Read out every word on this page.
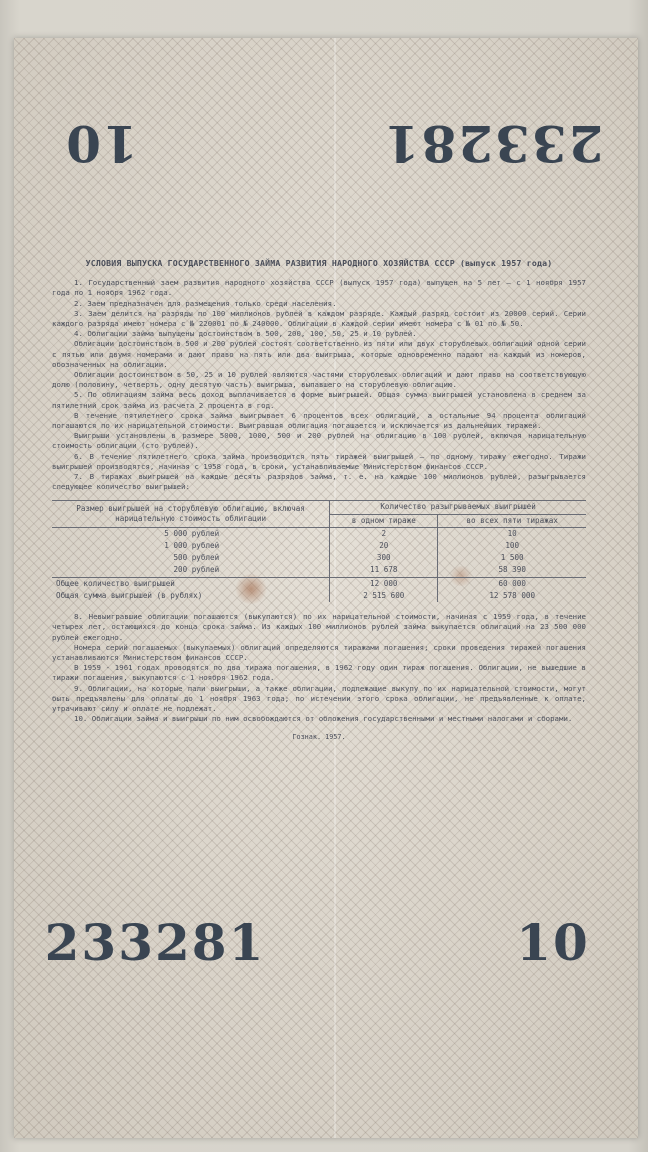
233281
10
УСЛОВИЯ ВЫПУСКА ГОСУДАРСТВЕННОГО ЗАЙМА РАЗВИТИЯ НАРОДНОГО ХОЗЯЙСТВА СССР (выпуск 1957 года)
1. Государственный заем развития народного хозяйства СССР (выпуск 1957 года) выпущен на 5 лет — с 1 ноября 1957 года по 1 ноября 1962 года.
2. Заем предназначен для размещения только среди населения.
3. Заем делится на разряды по 100 миллионов рублей в каждом разряде. Каждый разряд состоит из 20000 серий. Серии каждого разряда имеют номера с № 220001 по № 240000. Облигации в каждой серии имеют номера с № 01 по № 50.
4. Облигации займа выпущены достоинством в 500, 200, 100, 50, 25 и 10 рублей.
Облигации достоинством в 500 и 200 рублей состоят соответственно из пяти или двух сторублевых облигаций одной серии с пятью или двумя номерами и дают право на пять или два выигрыша, которые одновременно падают на каждый из номеров, обозначенных на облигации.
Облигации достоинством в 50, 25 и 10 рублей являются частями сторублевых облигаций и дают право на соответствующую долю (половину, четверть, одну десятую часть) выигрыша, выпавшего на сторублевую облигацию.
5. По облигациям займа весь доход выплачивается в форме выигрышей. Общая сумма выигрышей установлена в среднем за пятилетний срок займа из расчета 2 процента в год.
В течение пятилетнего срока займа выигрывает 6 процентов всех облигаций, а остальные 94 процента облигаций погашаются по их нарицательной стоимости. Выигравшая облигация погашается и исключается из дальнейших тиражей.
Выигрыши установлены в размере 5000, 1000, 500 и 200 рублей на облигацию в 100 рублей, включая нарицательную стоимость облигации (сто рублей).
6. В течение пятилетнего срока займа производится пять тиражей выигрышей — по одному тиражу ежегодно. Тиражи выигрышей производятся, начиная с 1958 года, в сроки, устанавливаемые Министерством финансов СССР.
7. В тиражах выигрышей на каждые десять разрядов займа, т. е. на каждые 100 миллионов рублей, разыгрывается следующее количество выигрышей:
Размер выигрышей на сторублевую облигацию, включая нарицательную стоимость облигации	Количество разыгрываемых выигрышей	
	в одном тираже	во всех пяти тиражах
5 000 рублей	2	10
1 000 рублей	20	100
500 рублей	300	1 500
200 рублей	11 678	58 390
Общее количество выигрышей	12 000	60 000
Общая сумма выигрышей (в рублях)	2 515 600	12 578 000
8. Невыигравшие облигации погашаются (выкупаются) по их нарицательной стоимости, начиная с 1959 года, в течение четырех лет, остающихся до конца срока займа. Из каждых 100 миллионов рублей займа выкупается облигаций на 23 500 000 рублей ежегодно.
Номера серий погашаемых (выкупаемых) облигаций определяются тиражами погашения; сроки проведения тиражей погашения устанавливаются Министерством финансов СССР.
В 1959 - 1961 годах проводятся по два тиража погашения, в 1962 году один тираж погашения. Облигации, не вышедшие в тиражи погашения, выкупаются с 1 ноября 1962 года.
9. Облигации, на которые пали выигрыши, а также облигации, подлежащие выкупу по их нарицательной стоимости, могут быть предъявлены для оплаты до 1 ноября 1963 года; по истечении этого срока облигации, не предъявленные к оплате, утрачивают силу и оплате не подлежат.
10. Облигации займа и выигрыши по ним освобождаются от обложения государственными и местными налогами и сборами.
Гознак. 1957.
233281	10
